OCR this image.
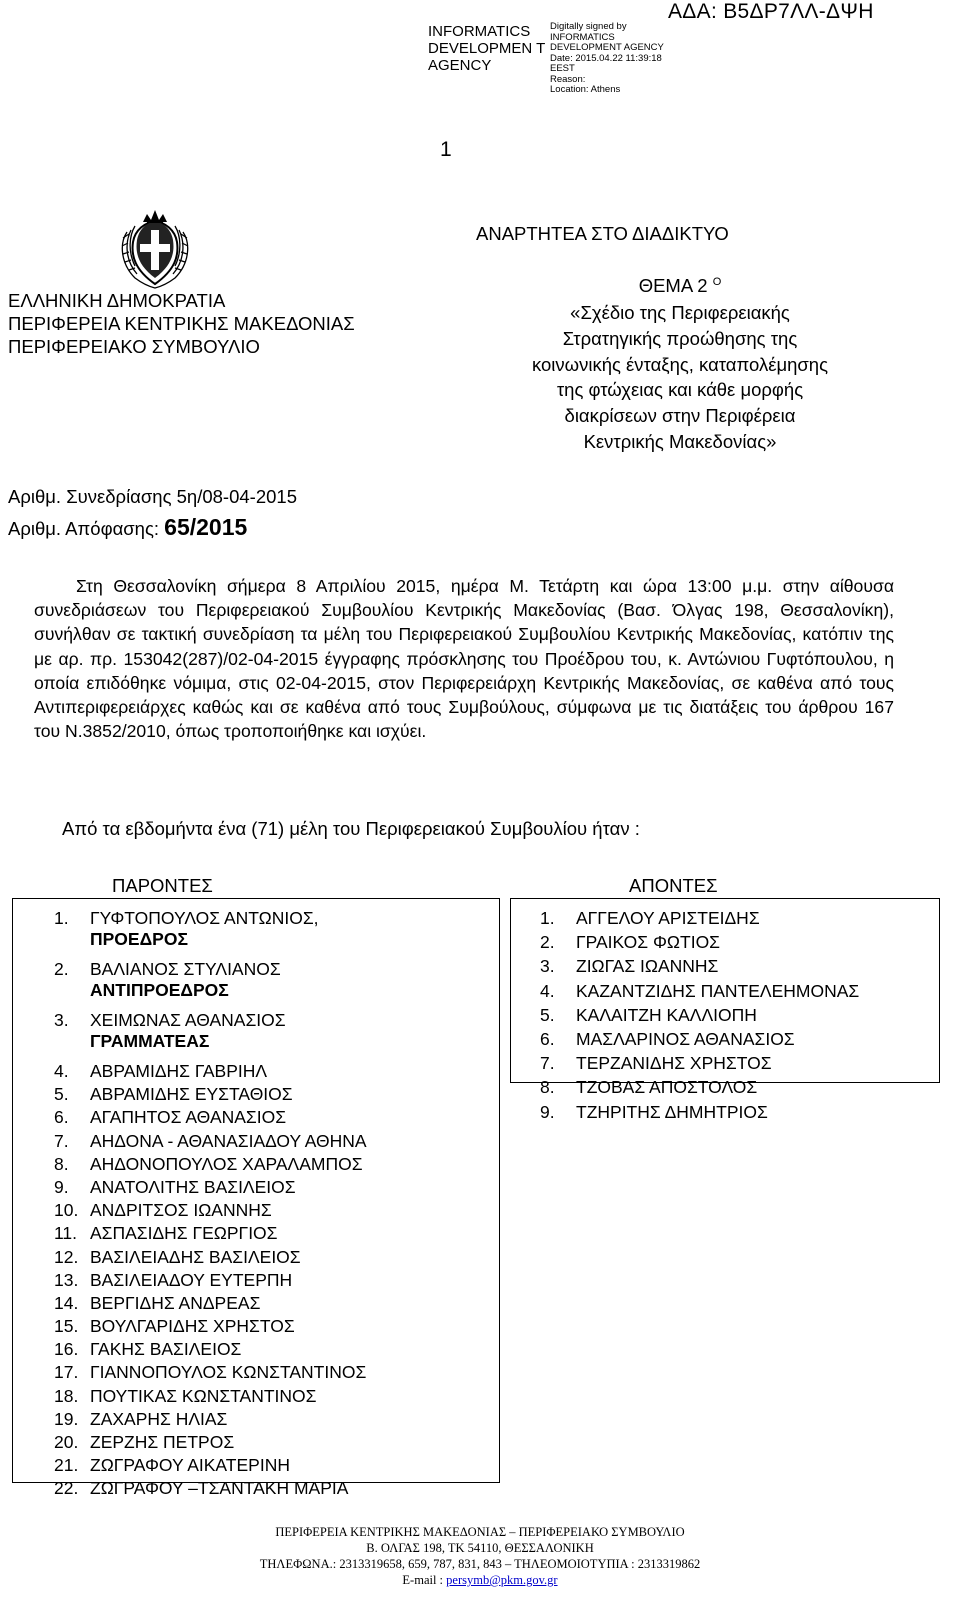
INFORMATICS DEVELOPMEN T AGENCY
Digitally signed by
INFORMATICS
DEVELOPMENT AGENCY
Date: 2015.04.22 11:39:18
EEST
Reason:
Location: Athens
ΑΔΑ: Β5ΔΡ7ΛΛ-ΔΨΗ
1
ΕΛΛΗΝΙΚΗ ΔΗΜΟΚΡΑΤΙΑ
ΠΕΡΙΦΕΡΕΙΑ ΚΕΝΤΡΙΚΗΣ ΜΑΚΕΔΟΝΙΑΣ
ΠΕΡΙΦΕΡΕΙΑΚΟ ΣΥΜΒΟΥΛΙΟ
ΑΝΑΡΤΗΤΕΑ ΣΤΟ ΔΙΑΔΙΚΤΥΟ
ΘΕΜΑ 2 $^O$
«Σχέδιο της Περιφερειακής
Στρατηγικής προώθησης της
κοινωνικής ένταξης, καταπολέμησης
της φτώχειας και κάθε μορφής
διακρίσεων στην Περιφέρεια
Κεντρικής Μακεδονίας»
Αριθμ. Συνεδρίασης 5η/08-04-2015
Αριθμ. Απόφασης: 65/2015

Στη Θεσσαλονίκη σήμερα 8 Απριλίου 2015, ημέρα Μ. Τετάρτη και ώρα 13:00 μ.μ. στην αίθουσα συνεδριάσεων του Περιφερειακού Συμβουλίου Κεντρικής Μακεδονίας (Βασ. Όλγας 198, Θεσσαλονίκη), συνήλθαν σε τακτική συνεδρίαση τα μέλη του Περιφερειακού Συμβουλίου Κεντρικής Μακεδονίας, κατόπιν της με αρ. πρ. 153042(287)/02-04-2015 έγγραφης πρόσκλησης του Προέδρου του, κ. Αντώνιου Γυφτόπουλου, η οποία επιδόθηκε νόμιμα, στις 02-04-2015, στον Περιφερειάρχη Κεντρικής Μακεδονίας, σε καθένα από τους Αντιπεριφερειάρχες καθώς και σε καθένα από τους Συμβούλους, σύμφωνα με τις διατάξεις του άρθρου 167 του Ν.3852/2010, όπως τροποποιήθηκε και ισχύει.

Από τα εβδομήντα ένα (71) μέλη του Περιφερειακού Συμβουλίου ήταν :
ΠΑΡΟΝΤΕΣ	ΑΠΟΝΤΕΣ
1.	ΓΥΦΤΟΠΟΥΛΟΣ ΑΝΤΩΝΙΟΣ,
ΠΡΟΕΔΡΟΣ
2.	ΒΑΛΙΑΝΟΣ ΣΤΥΛΙΑΝΟΣ
ΑΝΤΙΠΡΟΕΔΡΟΣ
3.	ΧΕΙΜΩΝΑΣ ΑΘΑΝΑΣΙΟΣ
ΓΡΑΜΜΑΤΕΑΣ
4.	ΑΒΡΑΜΙΔΗΣ ΓΑΒΡΙΗΛ
5.	ΑΒΡΑΜΙΔΗΣ ΕΥΣΤΑΘΙΟΣ
6.	ΑΓΑΠΗΤΟΣ ΑΘΑΝΑΣΙΟΣ
7.	ΑΗΔΟΝΑ - ΑΘΑΝΑΣΙΑΔΟΥ ΑΘΗΝΑ
8.	ΑΗΔΟΝΟΠΟΥΛΟΣ ΧΑΡΑΛΑΜΠΟΣ
9.	ΑΝΑΤΟΛΙΤΗΣ ΒΑΣΙΛΕΙΟΣ
10. ΑΝΔΡΙΤΣΟΣ ΙΩΑΝΝΗΣ
11. ΑΣΠΑΣΙΔΗΣ ΓΕΩΡΓΙΟΣ
12. ΒΑΣΙΛΕΙΑΔΗΣ ΒΑΣΙΛΕΙΟΣ
13. ΒΑΣΙΛΕΙΑΔΟΥ ΕΥΤΕΡΠΗ
14. ΒΕΡΓΙΔΗΣ ΑΝΔΡΕΑΣ
15. ΒΟΥΛΓΑΡΙΔΗΣ ΧΡΗΣΤΟΣ
16. ΓΑΚΗΣ ΒΑΣΙΛΕΙΟΣ
17. ΓΙΑΝΝΟΠΟΥΛΟΣ ΚΩΝΣΤΑΝΤΙΝΟΣ
18. ΠΟΥΤΙΚΑΣ ΚΩΝΣΤΑΝΤΙΝΟΣ
19. ΖΑΧΑΡΗΣ ΗΛΙΑΣ
20. ΖΕΡΖΗΣ ΠΕΤΡΟΣ
21. ΖΩΓΡΑΦΟΥ ΑΙΚΑΤΕΡΙΝΗ
22. ΖΩΓΡΑΦΟΥ –ΤΣΑΝΤΑΚΗ ΜΑΡΙΑ
1.	ΑΓΓΕΛΟΥ ΑΡΙΣΤΕΙΔΗΣ
2.	ΓΡΑΙΚΟΣ ΦΩΤΙΟΣ
3.	ΖΙΩΓΑΣ ΙΩΑΝΝΗΣ
4.	ΚΑΖΑΝΤΖΙΔΗΣ ΠΑΝΤΕΛΕΗΜΟΝΑΣ
5.	ΚΑΛΑΙΤΖΗ ΚΑΛΛΙΟΠΗ
6.	ΜΑΣΛΑΡΙΝΟΣ ΑΘΑΝΑΣΙΟΣ
7.	ΤΕΡΖΑΝΙΔΗΣ ΧΡΗΣΤΟΣ
8.	ΤΖΟΒΑΣ ΑΠΟΣΤΟΛΟΣ
9.	ΤΖΗΡΙΤΗΣ ΔΗΜΗΤΡΙΟΣ
ΠΕΡΙΦΕΡΕΙΑ ΚΕΝΤΡΙΚΗΣ ΜΑΚΕΔΟΝΙΑΣ – ΠΕΡΙΦΕΡΕΙΑΚΟ ΣΥΜΒΟΥΛΙΟ
Β. ΟΛΓΑΣ 198, ΤΚ 54110, ΘΕΣΣΑΛΟΝΙΚΗ
ΤΗΛΕΦΩΝΑ.: 2313319658, 659, 787, 831, 843 – ΤΗΛΕΟΜΟΙΟΤΥΠΙΑ : 2313319862
E-mail : persymb@pkm.gov.gr
